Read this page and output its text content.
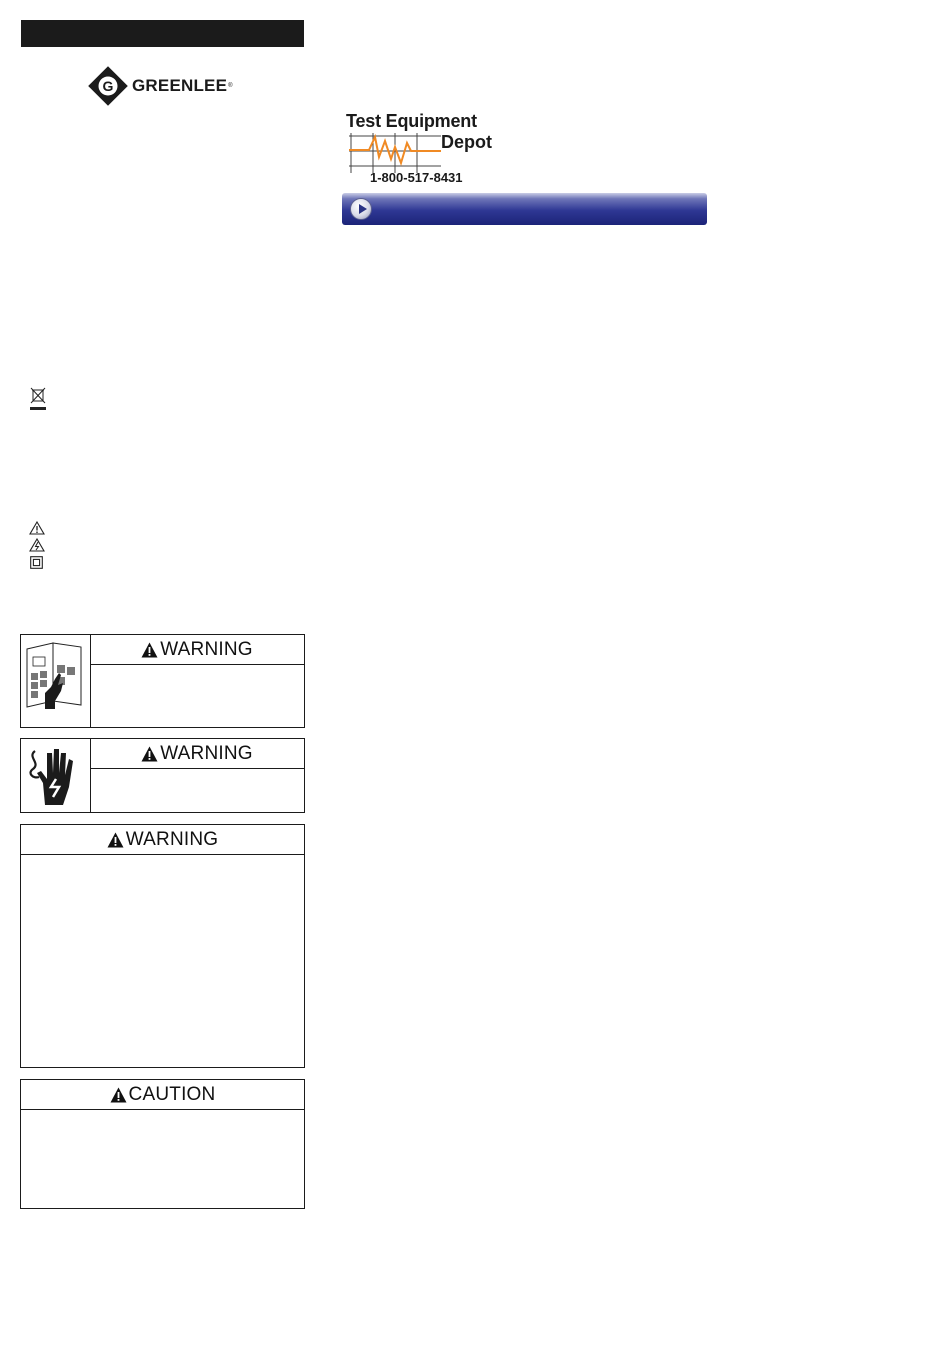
G GREENLEE ®
Test Equipment
Depot
1-800-517-8431
WARNING
WARNING
WARNING
CAUTION
